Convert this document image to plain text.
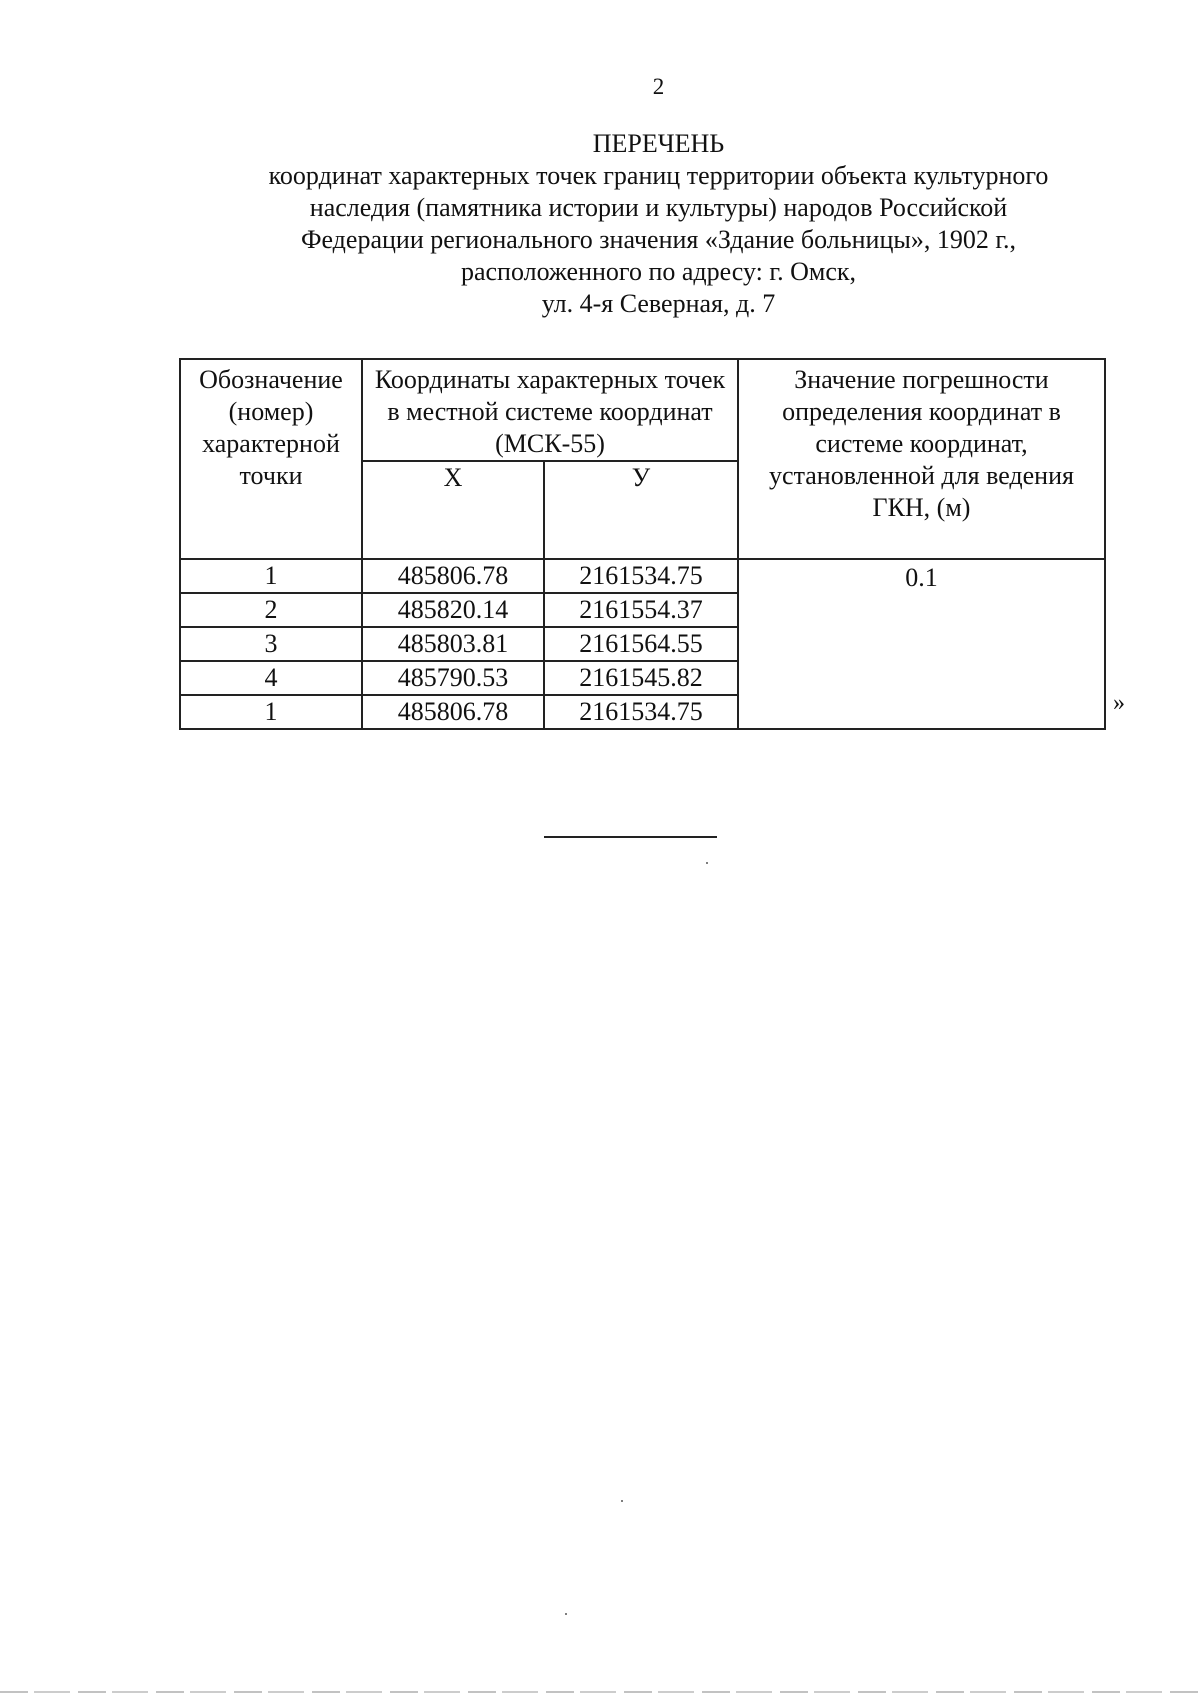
2
ПЕРЕЧЕНЬ
координат характерных точек границ территории объекта культурного
наследия (памятника истории и культуры) народов Российской
Федерации регионального значения «Здание больницы», 1902 г.,
расположенного по адресу: г. Омск,
ул. 4-я Северная, д. 7
Обозначение (номер) характерной точки	Координаты характерных точек в местной системе координат (МСК-55)		Значение погрешности определения координат в системе координат, установленной для ведения ГКН, (м)
	Х	У	
1	485806.78	2161534.75	0.1
2	485820.14	2161554.37	
3	485803.81	2161564.55	
4	485790.53	2161545.82	
1	485806.78	2161534.75		»
